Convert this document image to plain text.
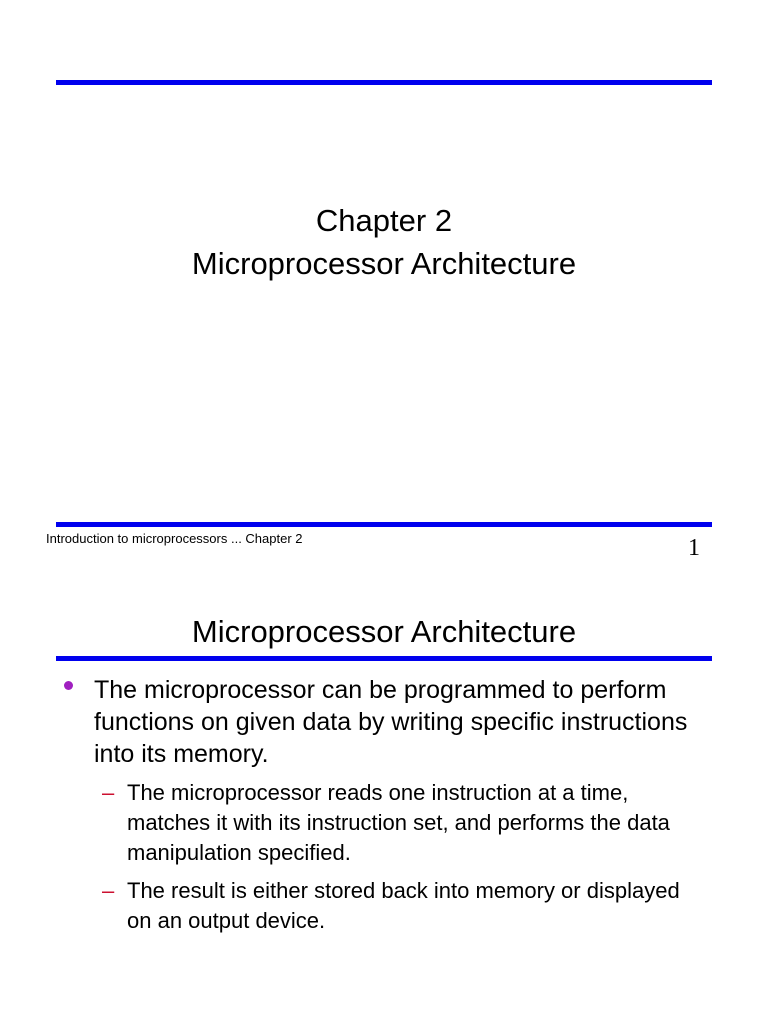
Chapter 2
Microprocessor Architecture
Introduction to microprocessors ... Chapter 2	1
Microprocessor Architecture
The microprocessor can be programmed to perform functions on given data by writing specific instructions into its memory.
– The microprocessor reads one instruction at a time, matches it with its instruction set, and performs the data manipulation specified.
– The result is either stored back into memory or displayed on an output device.
